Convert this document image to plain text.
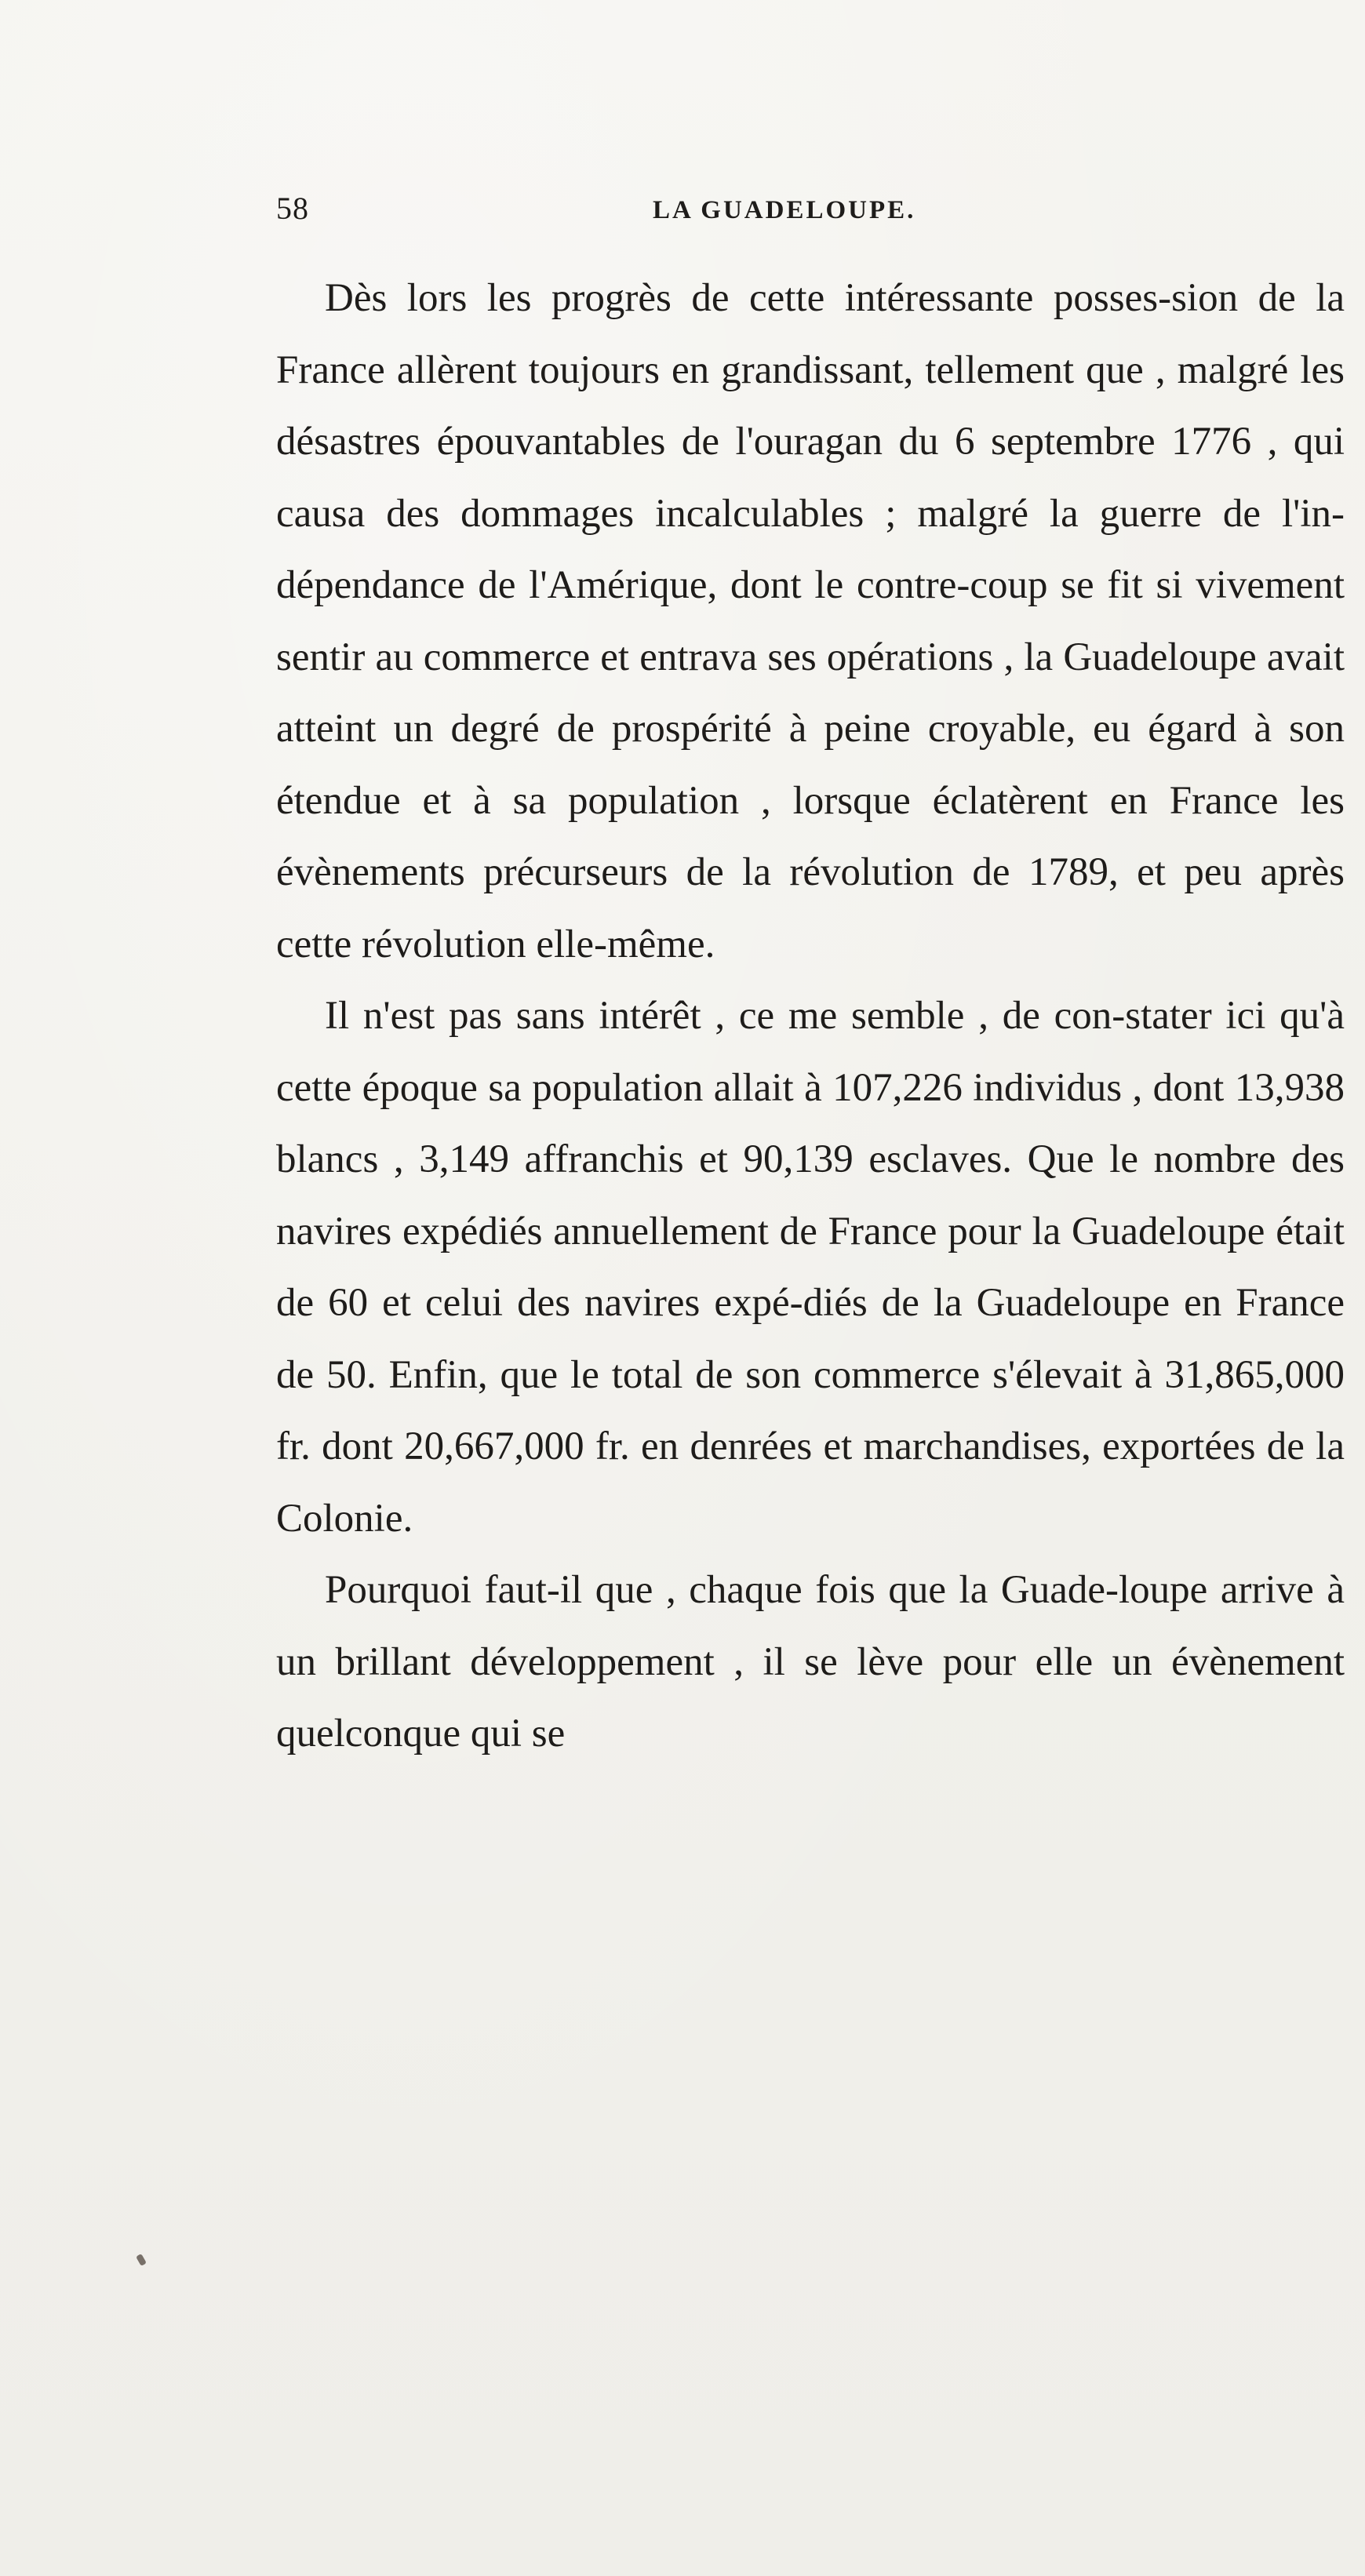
58	LA GUADELOUPE.

Dès lors les progrès de cette intéressante posses-sion de la France allèrent toujours en grandissant, tellement que , malgré les désastres épouvantables de l'ouragan du 6 septembre 1776 , qui causa des dommages incalculables ; malgré la guerre de l'in-dépendance de l'Amérique, dont le contre-coup se fit si vivement sentir au commerce et entrava ses opérations , la Guadeloupe avait atteint un degré de prospérité à peine croyable, eu égard à son étendue et à sa population , lorsque éclatèrent en France les évènements précurseurs de la révolution de 1789, et peu après cette révolution elle-même.

Il n'est pas sans intérêt , ce me semble , de con-stater ici qu'à cette époque sa population allait à 107,226 individus , dont 13,938 blancs , 3,149 affranchis et 90,139 esclaves. Que le nombre des navires expédiés annuellement de France pour la Guadeloupe était de 60 et celui des navires expé-diés de la Guadeloupe en France de 50. Enfin, que le total de son commerce s'élevait à 31,865,000 fr. dont 20,667,000 fr. en denrées et marchandises, exportées de la Colonie.

Pourquoi faut-il que , chaque fois que la Guade-loupe arrive à un brillant développement , il se lève pour elle un évènement quelconque qui se
